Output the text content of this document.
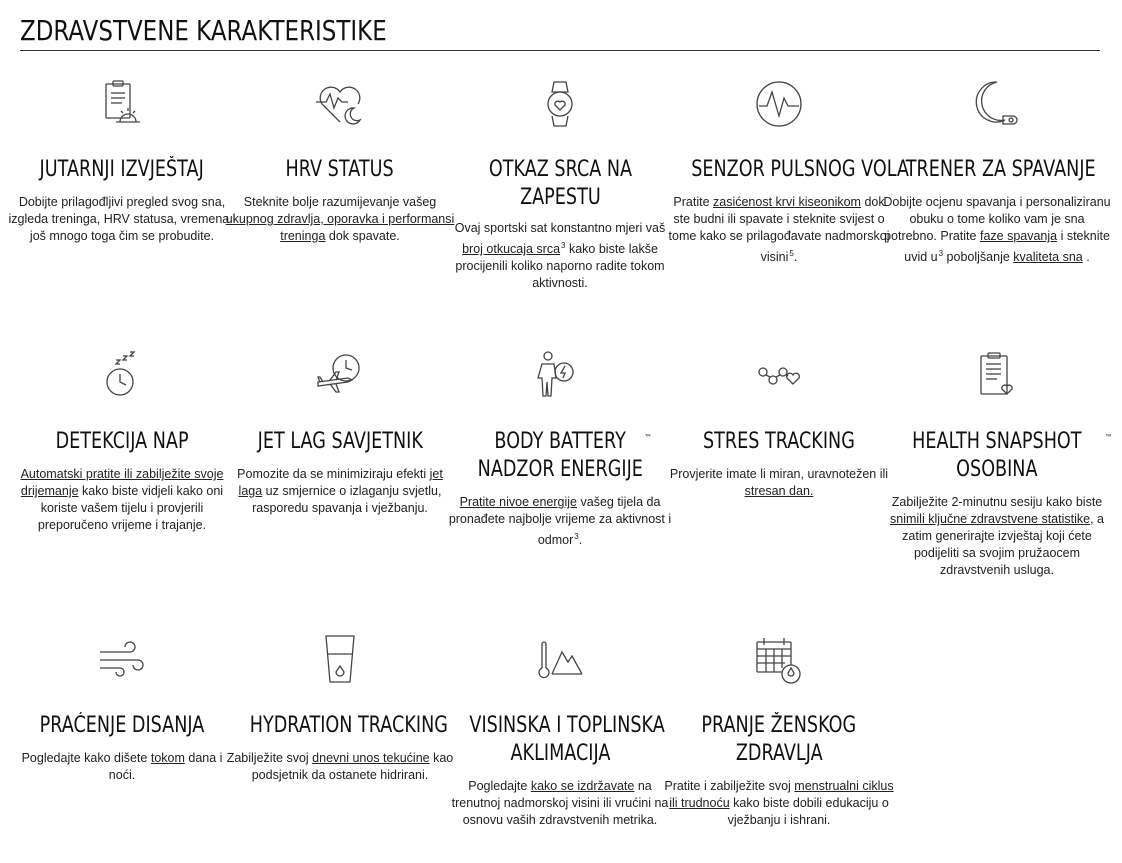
ZDRAVSTVENE KARAKTERISTIKE
JUTARNJI IZVJEŠTAJ

Dobijte prilagođljivi pregled svog sna, izgleda treninga, HRV statusa, vremena i još mnogo toga čim se probudite.

HRV STATUS

Steknite bolje razumijevanje vašeg ukupnog zdravlja, oporavka i performansi treninga dok spavate.

OTKAZ SRCA NA
ZAPESTU

Ovaj sportski sat konstantno mjeri vaš broj otkucaja srca$^3$ kako biste lakše procijenili koliko naporno radite tokom aktivnosti.

SENZOR PULSNOG VOLA

Pratite zasićenost krvi kiseonikom dok ste budni ili spavate i steknite svijest o tome kako se prilagođavate nadmorskoj visini$^5$.

TRENER ZA SPAVANJE

Dobijte ocjenu spavanja i personaliziranu obuku o tome koliko vam je sna potrebno. Pratite faze spavanja i steknite uvid $u^3$ poboljšanje kvaliteta sna .

DETEKCIJA NAP

Automatski pratite ili zabilježite svoje drijemanje kako biste vidjeli kako oni koriste vašem tijelu i provjerili preporučeno vrijeme i trajanje.

JET LAG SAVJETNIK

Pomozite da se minimiziraju efekti jet laga uz smjernice o izlaganju svjetlu, rasporedu spavanja i vježbanju.

BODY BATTERY ™

NADZOR ENERGIJE

Pratite nivoe energije vašeg tijela da pronađete najbolje vrijeme za aktivnost i odmor$^3$.

STRES TRACKING

Provjerite imate li miran, uravnotežen ili stresan dan.

HEALTH SNAPSHOT	™

OSOBINA

Zabilježite 2-minutnu sesiju kako biste snimili ključne zdravstvene statistike, a zatim generirajte izvještaj koji ćete podijeliti sa svojim pružaocem zdravstvenih usluga.

PRAĆENJE DISANJA

Pogledajte kako dišete tokom dana i noći.

HYDRATION TRACKING

Zabilježite svoj dnevni unos tekućine kao podsjetnik da ostanete hidrirani.

VISINSKA I TOPLINSKA
AKLIMACIJA

Pogledajte kako se izdržavate na trenutnoj nadmorskoj visini ili vrućini na osnovu vaših zdravstvenih metrika.

PRANJE ŽENSKOG
ZDRAVLJA

Pratite i zabilježite svoj menstrualni ciklus ili trudnoću kako biste dobili edukaciju o vježbanju i ishrani.
